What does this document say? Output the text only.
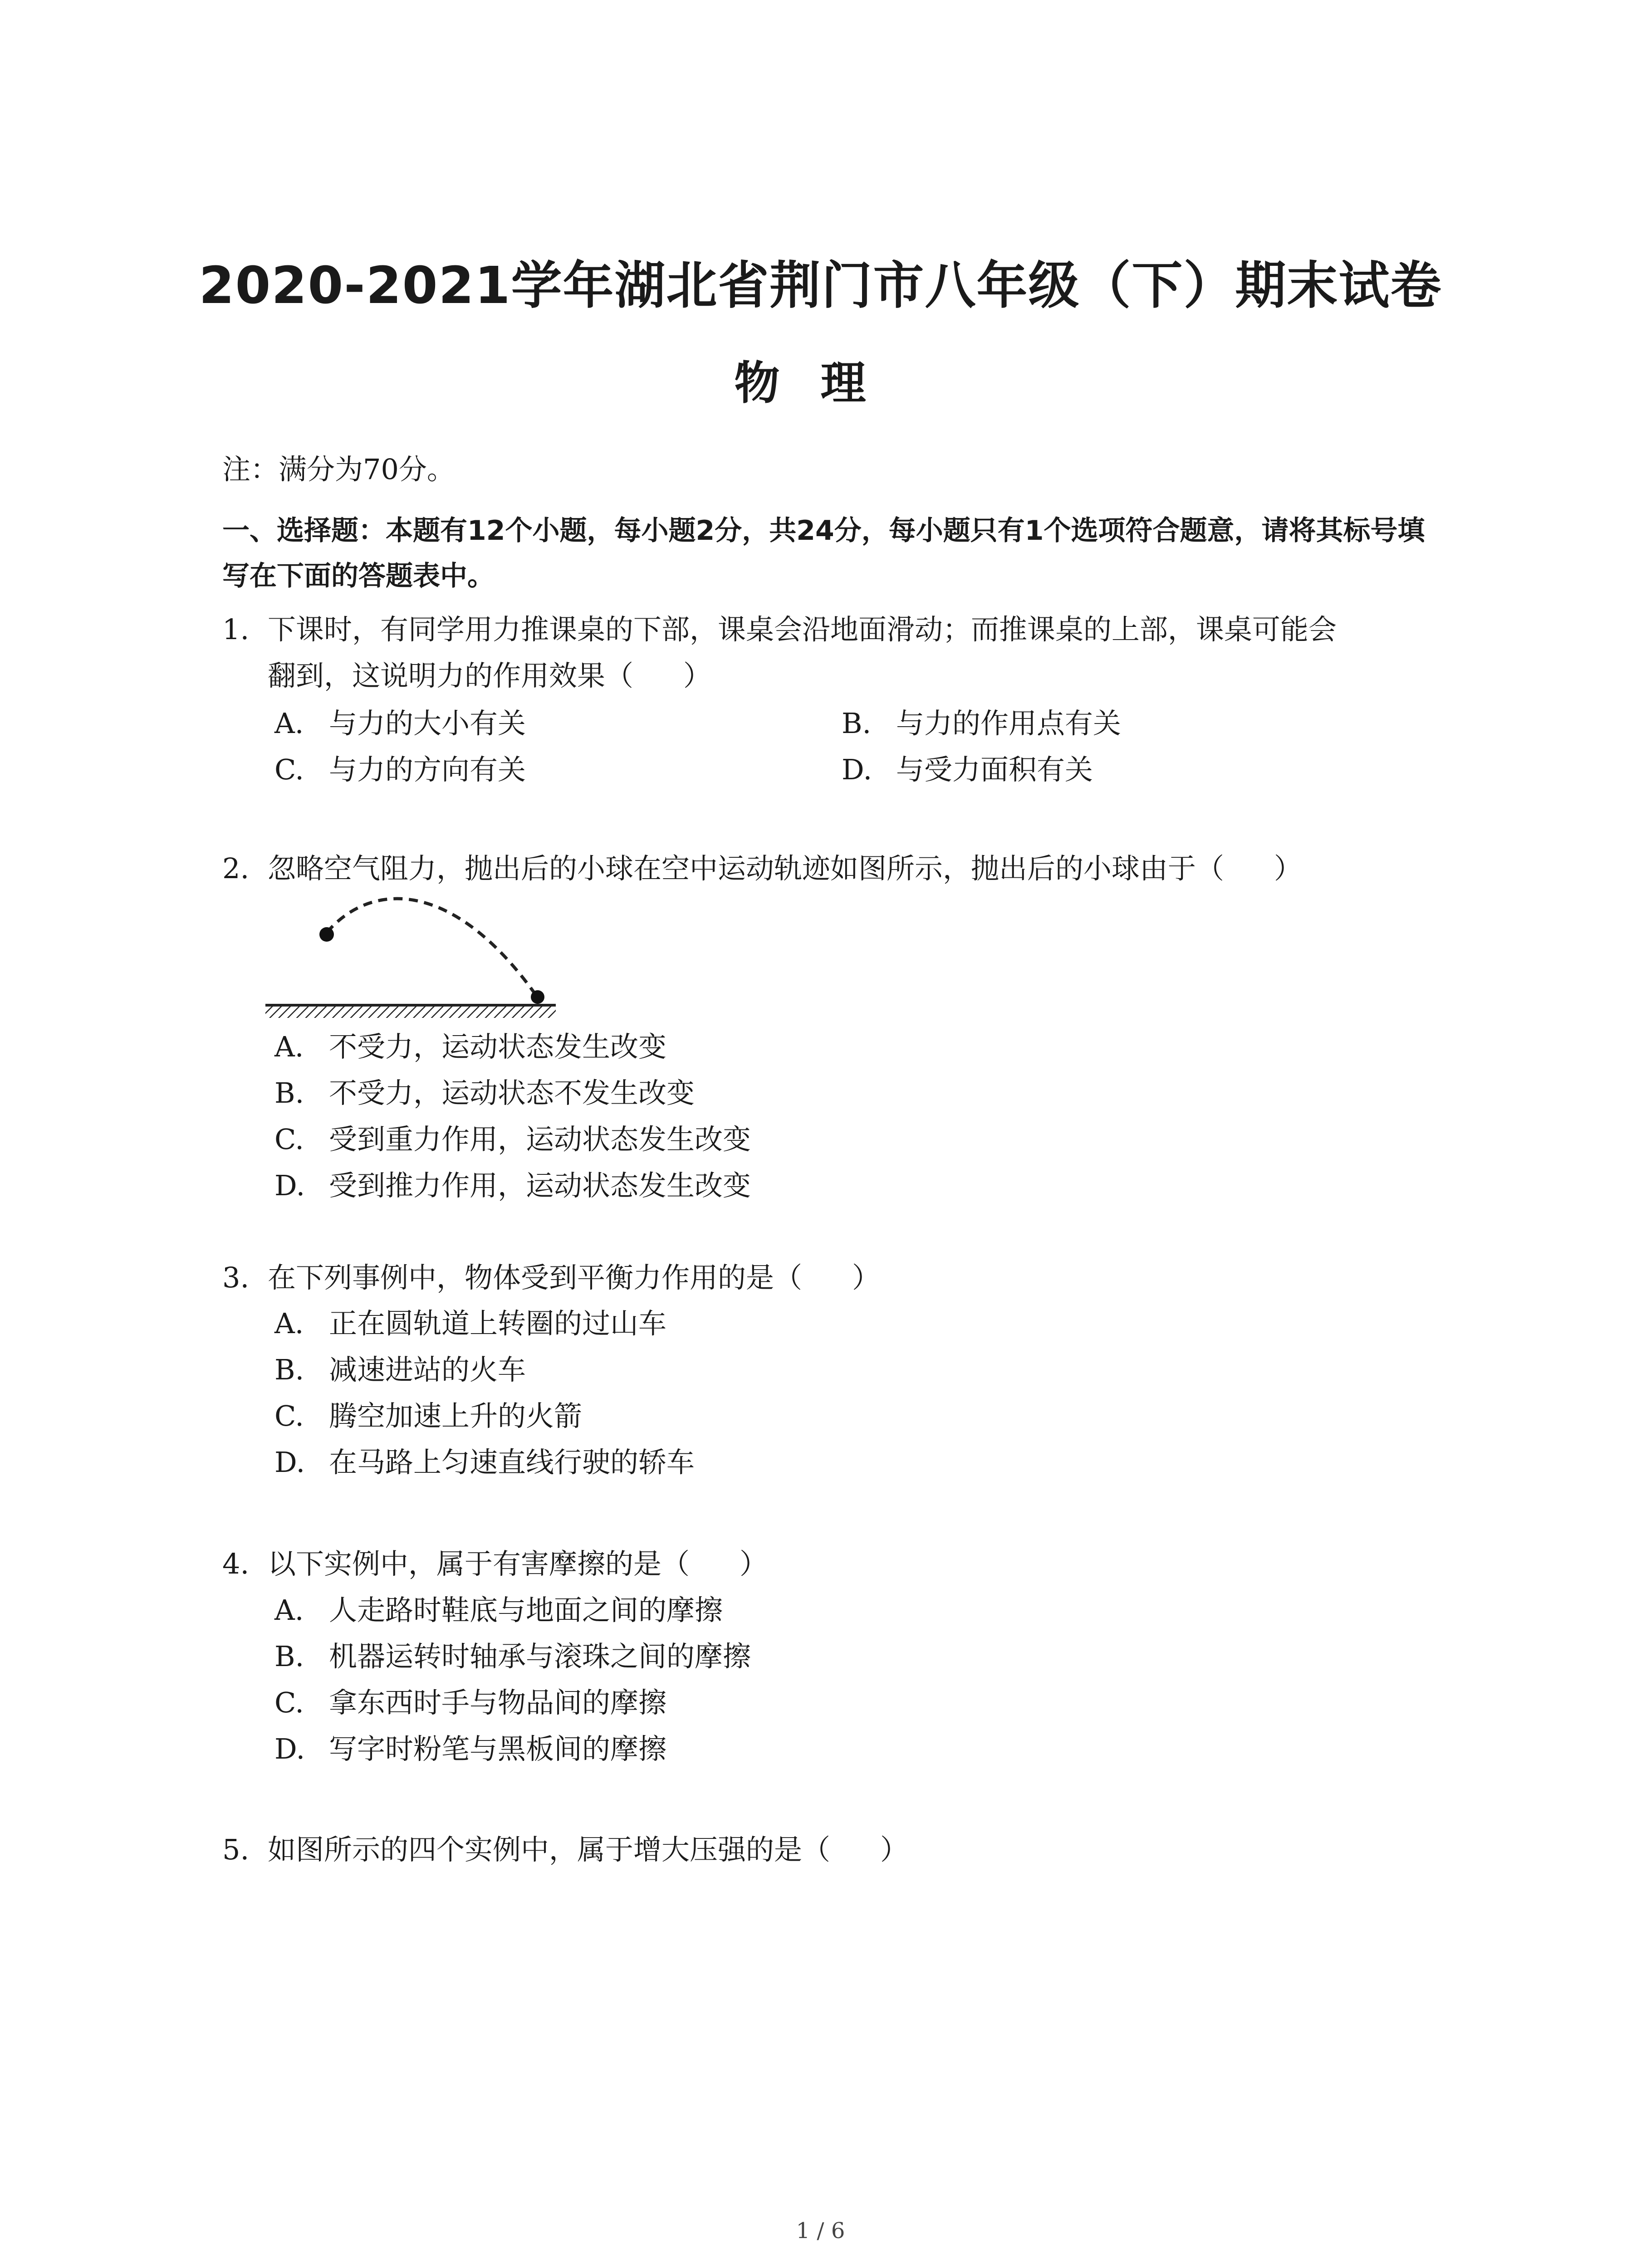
2020-2021学年湖北省荆门市八年级（下）期末试卷
物理
注：满分为70分。
一、选择题：本题有12个小题，每小题2分，共24分，每小题只有1个选项符合题意，请将其标号填写在下面的答题表中。
1. 下课时，有同学用力推课桌的下部，课桌会沿地面滑动；而推课桌的上部，课桌可能会
翻到，这说明力的作用效果（ ）
A. 与力的大小有关	B. 与力的作用点有关
C. 与力的方向有关	D. 与受力面积有关
2. 忽略空气阻力，抛出后的小球在空中运动轨迹如图所示，抛出后的小球由于（ ）
A. 不受力，运动状态发生改变
B. 不受力，运动状态不发生改变
C. 受到重力作用，运动状态发生改变
D. 受到推力作用，运动状态发生改变
3. 在下列事例中，物体受到平衡力作用的是（ ）
A. 正在圆轨道上转圈的过山车
B. 减速进站的火车
C. 腾空加速上升的火箭
D. 在马路上匀速直线行驶的轿车
4. 以下实例中，属于有害摩擦的是（ ）
A. 人走路时鞋底与地面之间的摩擦
B. 机器运转时轴承与滚珠之间的摩擦
C. 拿东西时手与物品间的摩擦
D. 写字时粉笔与黑板间的摩擦
5. 如图所示的四个实例中，属于增大压强的是（ ）
1 / 6
